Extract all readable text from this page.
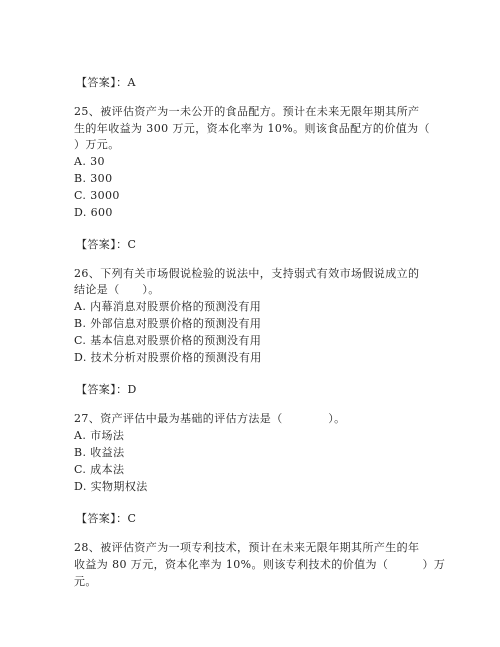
【答案】：A
25、被评估资产为一未公开的食品配方。预计在未来无限年期其所产
生的年收益为 300 万元，资本化率为 10%。则该食品配方的价值为（
）万元。
A. 30
B. 300
C. 3000
D. 600
【答案】：C
26、下列有关市场假说检验的说法中，支持弱式有效市场假说成立的
结论是（　　）。
A. 内幕消息对股票价格的预测没有用
B. 外部信息对股票价格的预测没有用
C. 基本信息对股票价格的预测没有用
D. 技术分析对股票价格的预测没有用
【答案】：D
27、资产评估中最为基础的评估方法是（　　　　）。
A. 市场法
B. 收益法
C. 成本法
D. 实物期权法
【答案】：C
28、被评估资产为一项专利技术，预计在未来无限年期其所产生的年
收益为 80 万元，资本化率为 10%。则该专利技术的价值为（　　　）万
元。
